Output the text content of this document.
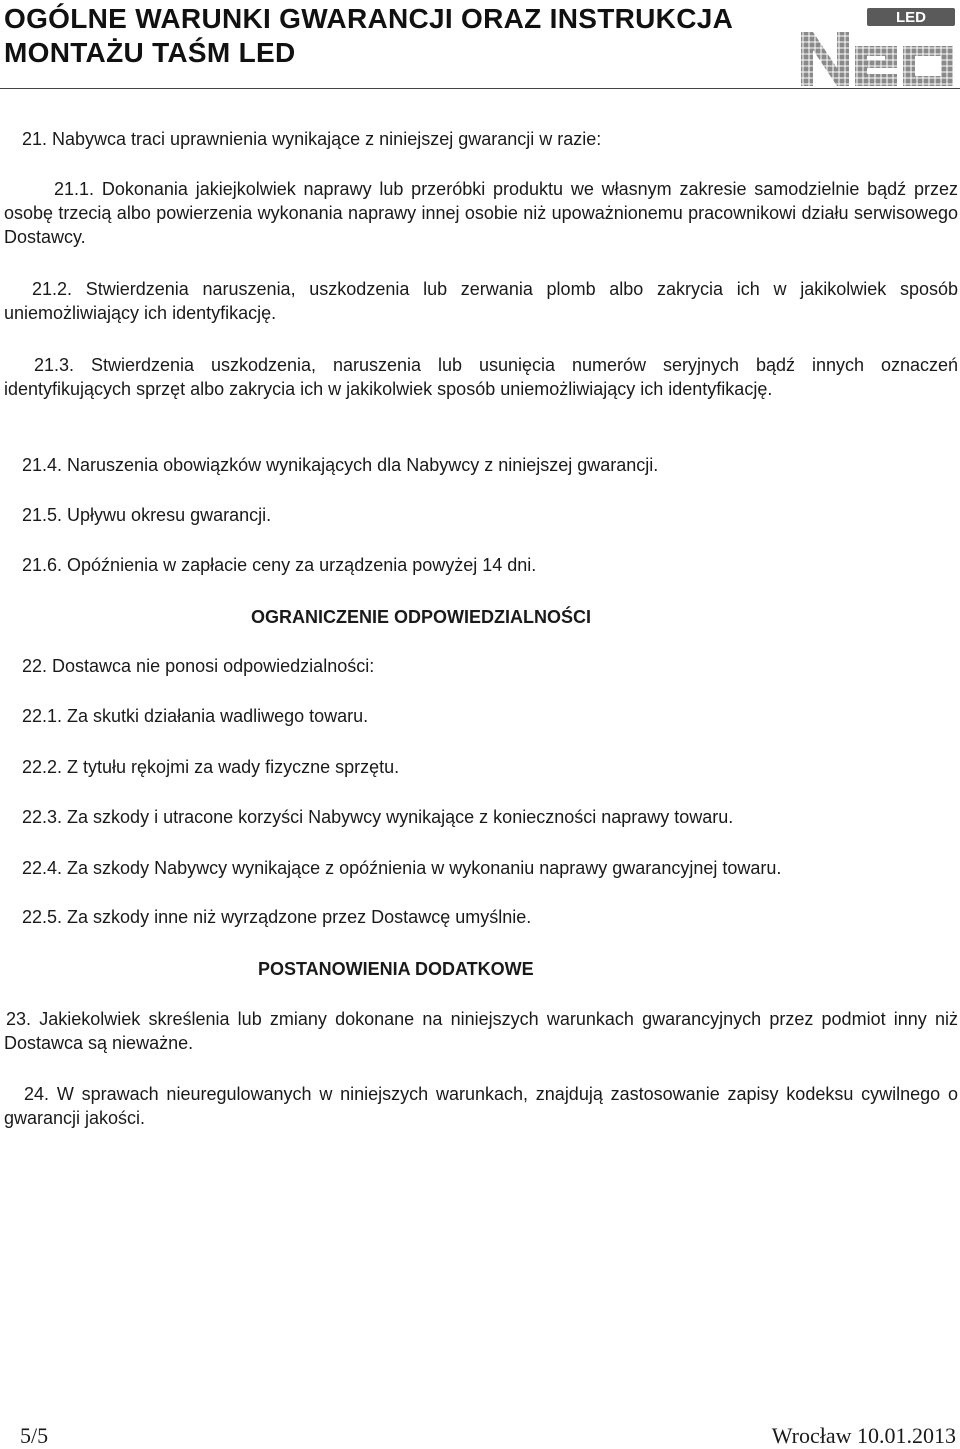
OGÓLNE WARUNKI GWARANCJI ORAZ INSTRUKCJA
MONTAŻU TAŚM LED
LED

21. Nabywca traci uprawnienia wynikające z niniejszej gwarancji w razie:

21.1. Dokonania jakiejkolwiek naprawy lub przeróbki produktu we własnym zakresie samodzielnie bądź przez osobę trzecią albo powierzenia wykonania naprawy innej osobie niż upoważnionemu pracownikowi działu serwisowego Dostawcy.

21.2. Stwierdzenia naruszenia, uszkodzenia lub zerwania plomb albo zakrycia ich w jakikolwiek sposób uniemożliwiający ich identyfikację.

21.3. Stwierdzenia uszkodzenia, naruszenia lub usunięcia numerów seryjnych bądź innych oznaczeń identyfikujących sprzęt albo zakrycia ich w jakikolwiek sposób uniemożliwiający ich identyfikację.

21.4. Naruszenia obowiązków wynikających dla Nabywcy z niniejszej gwarancji.

21.5. Upływu okresu gwarancji.

21.6. Opóźnienia w zapłacie ceny za urządzenia powyżej 14 dni.

OGRANICZENIE ODPOWIEDZIALNOŚCI

22. Dostawca nie ponosi odpowiedzialności:

22.1. Za skutki działania wadliwego towaru.

22.2. Z tytułu rękojmi za wady fizyczne sprzętu.

22.3. Za szkody i utracone korzyści Nabywcy wynikające z konieczności naprawy towaru.

22.4. Za szkody Nabywcy wynikające z opóźnienia w wykonaniu naprawy gwarancyjnej towaru.

22.5. Za szkody inne niż wyrządzone przez Dostawcę umyślnie.

POSTANOWIENIA DODATKOWE

23. Jakiekolwiek skreślenia lub zmiany dokonane na niniejszych warunkach gwarancyjnych przez podmiot inny niż Dostawca są nieważne.

24. W sprawach nieuregulowanych w niniejszych warunkach, znajdują zastosowanie zapisy kodeksu cywilnego o gwarancji jakości.

5/5	Wrocław 10.01.2013
